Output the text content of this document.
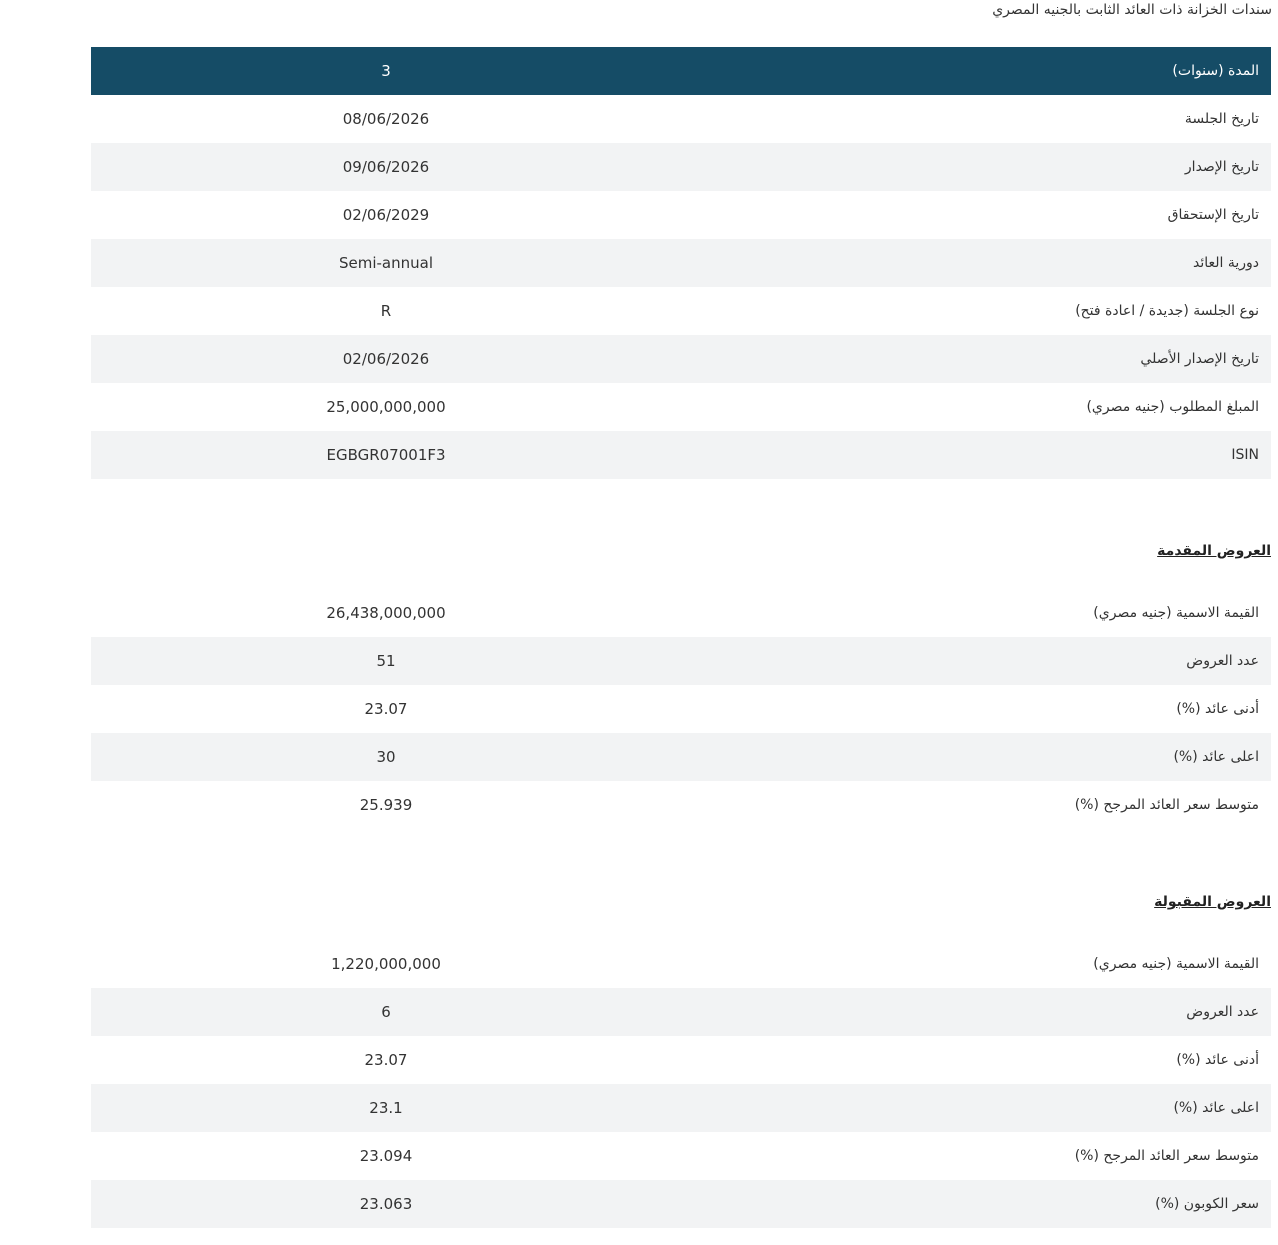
سندات الخزانة ذات العائد الثابت بالجنيه المصري
المدة (سنوات)
3
تاريخ الجلسة
08/06/2026
تاريخ الإصدار
09/06/2026
تاريخ الإستحقاق
02/06/2029
دورية العائد
Semi-annual
نوع الجلسة (جديدة / اعادة فتح)
R
تاريخ الإصدار الأصلي
02/06/2026
المبلغ المطلوب (جنيه مصري)
25,000,000,000
ISIN
EGBGR07001F3
العروض المقدمة
القيمة الاسمية (جنيه مصري)
26,438,000,000
عدد العروض
51
أدنى عائد (%)
23.07
اعلى عائد (%)
30
متوسط سعر العائد المرجح (%)
25.939
العروض المقبولة
القيمة الاسمية (جنيه مصري)
1,220,000,000
عدد العروض
6
أدنى عائد (%)
23.07
اعلى عائد (%)
23.1
متوسط سعر العائد المرجح (%)
23.094
سعر الكوبون (%)
23.063
